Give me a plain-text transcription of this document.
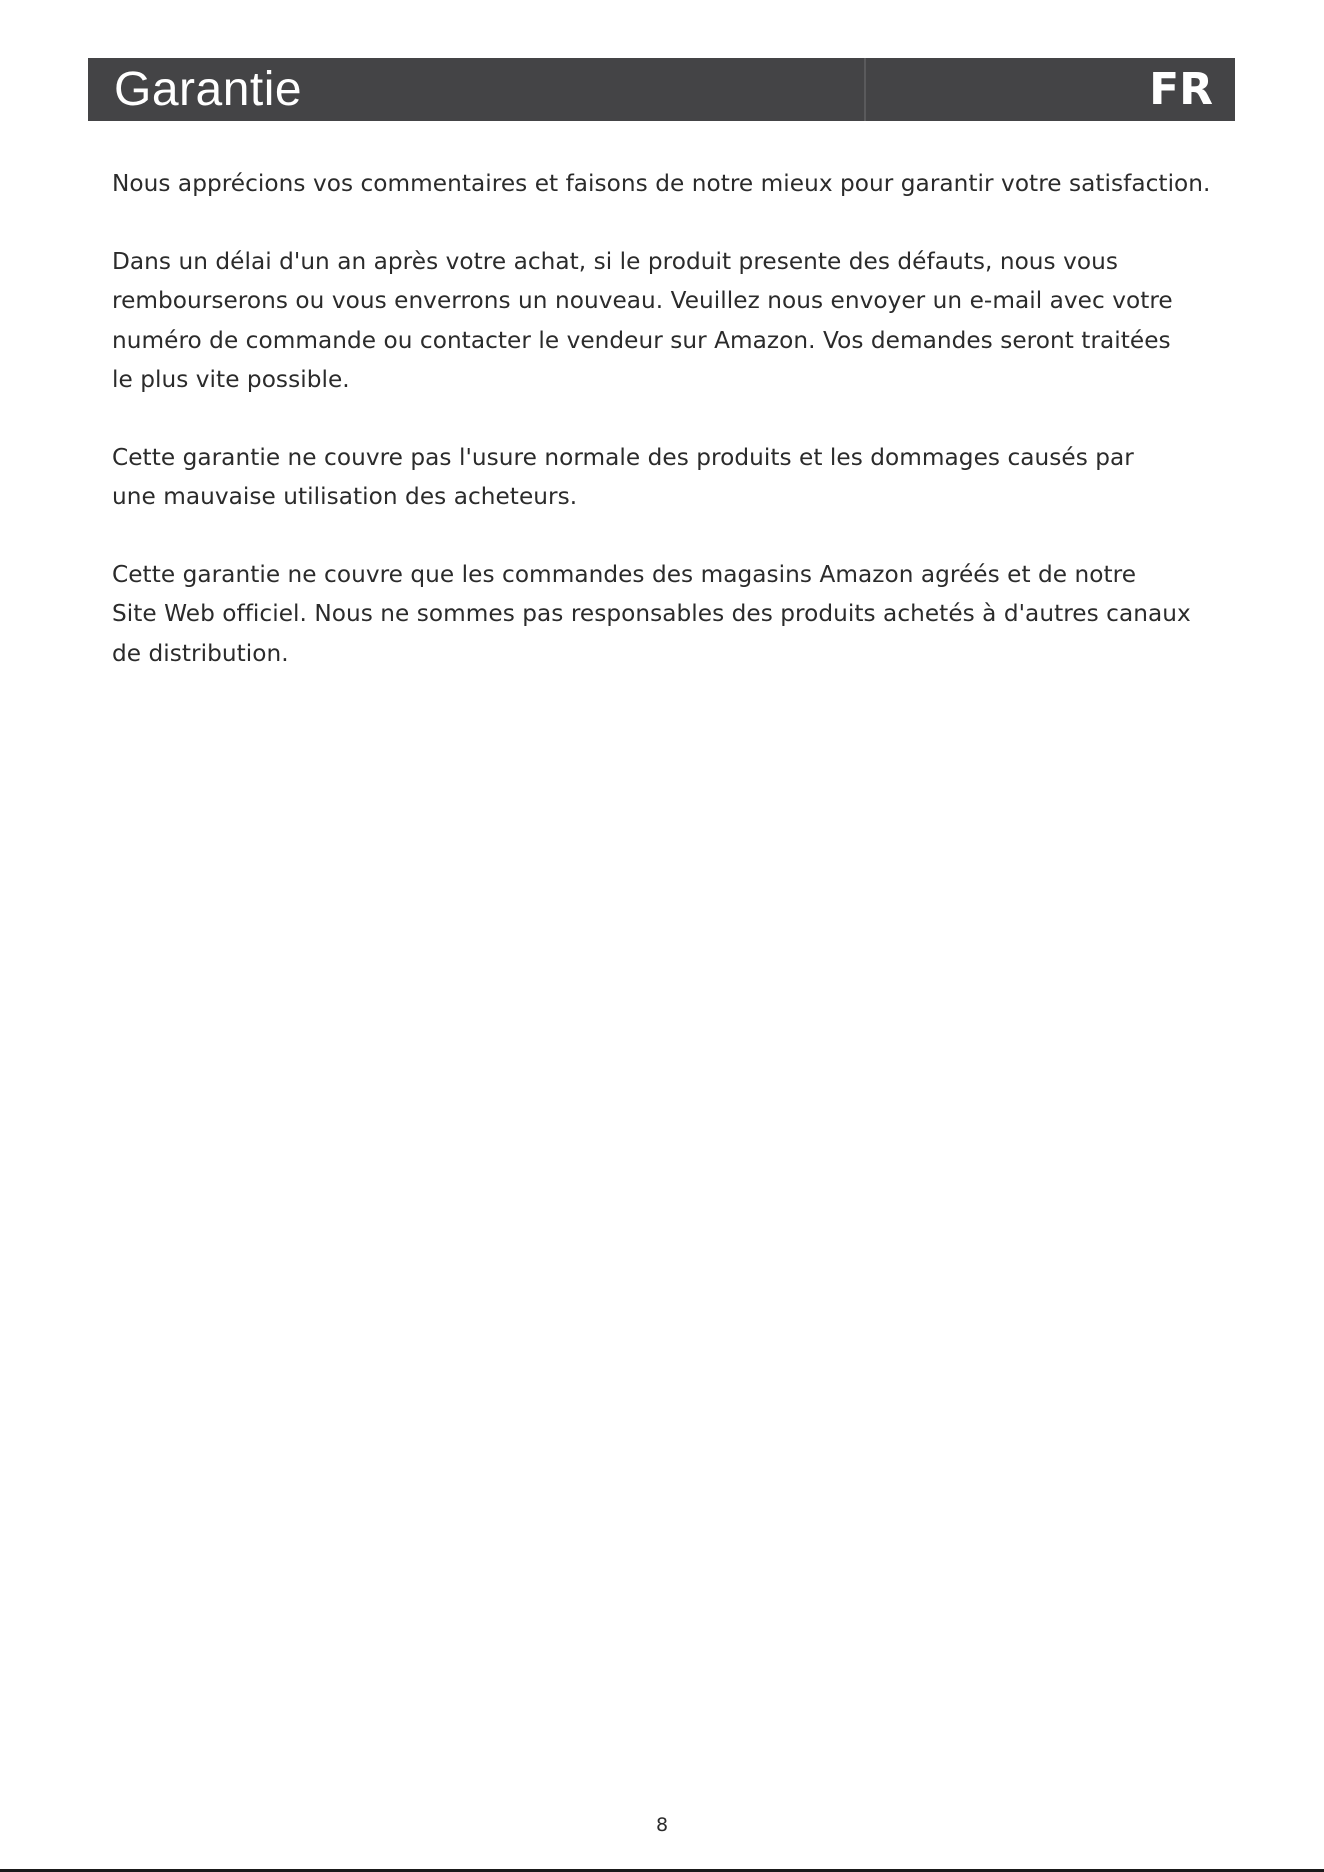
Garantie	FR

Nous apprécions vos commentaires et faisons de notre mieux pour garantir votre satisfaction.

Dans un délai d'un an après votre achat, si le produit presente des défauts, nous vous
rembourserons ou vous enverrons un nouveau. Veuillez nous envoyer un e-mail avec votre
numéro de commande ou contacter le vendeur sur Amazon. Vos demandes seront traitées
le plus vite possible.

Cette garantie ne couvre pas l'usure normale des produits et les dommages causés par
une mauvaise utilisation des acheteurs.

Cette garantie ne couvre que les commandes des magasins Amazon agréés et de notre
Site Web officiel. Nous ne sommes pas responsables des produits achetés à d'autres canaux
de distribution.

8
